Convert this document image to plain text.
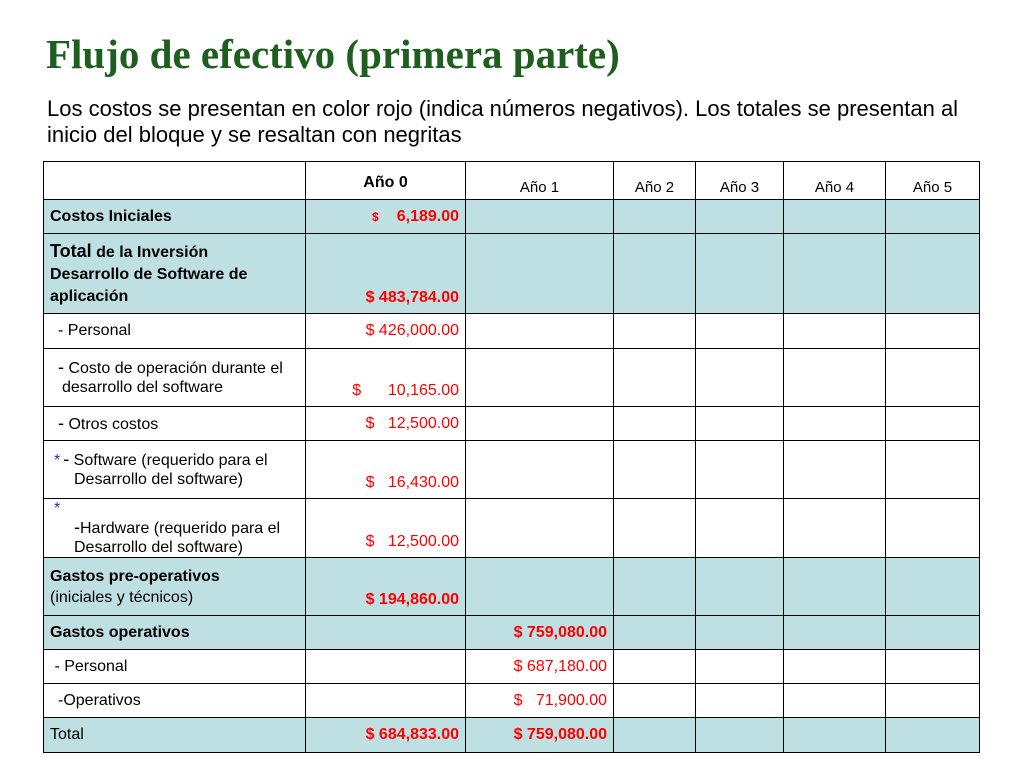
Flujo de efectivo (primera parte)

Los costos se presentan en color rojo (indica números negativos). Los totales se presentan al inicio del bloque y se resaltan con negritas

	Año 0	Año 1	Año 2	Año 3	Año 4	Año 5
Costos Iniciales	$ 6,189.00					
Total de la Inversión
Desarrollo de Software de
aplicación	$ 483,784.00					
- Personal	$ 426,000.00					
- Costo de operación durante el
desarrollo del software	$      10,165.00					
- Otros costos	$   12,500.00					
* - Software (requerido para el
Desarrollo del software)	$   16,430.00					
*
-Hardware (requerido para el
Desarrollo del software)	$   12,500.00					
Gastos pre-operativos
(iniciales y técnicos)	$ 194,860.00					
Gastos operativos		$ 759,080.00				
- Personal		$ 687,180.00				
-Operativos		$   71,900.00				
Total	$ 684,833.00	$ 759,080.00				
